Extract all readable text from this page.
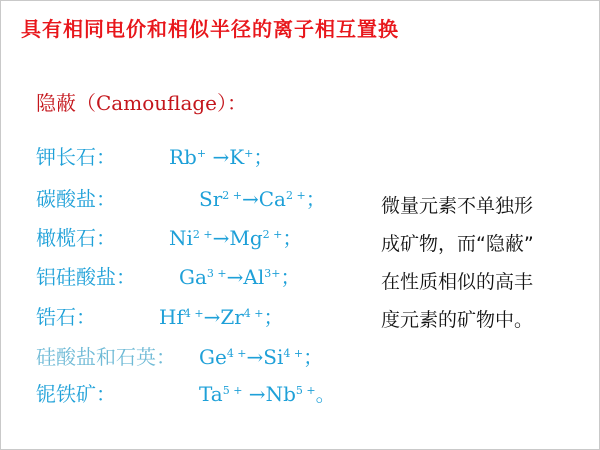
具有相同电价和相似半径的离子相互置换
隐蔽（Camouflage）：
钾长石：	Rb+ →K+；
碳酸盐：	$Sr^{2 +}\to Ca^{2 +}$；
橄榄石：	$Ni^{2 +}\to Mg^{2 +}$；
铝硅酸盐： $Ga^{3 +}\to Al^{3+}$；
锆石：	$Hf^{4 +}\to Zr^{4 +}$；
硅酸盐和石英： $Ge^{4 +}\to Si^{4 +}$；
铌铁矿：	$Ta^{5 +} \to Nb^{5 +}$。
微量元素不单独形
成矿物，而“隐蔽”
在性质相似的高丰
度元素的矿物中。
